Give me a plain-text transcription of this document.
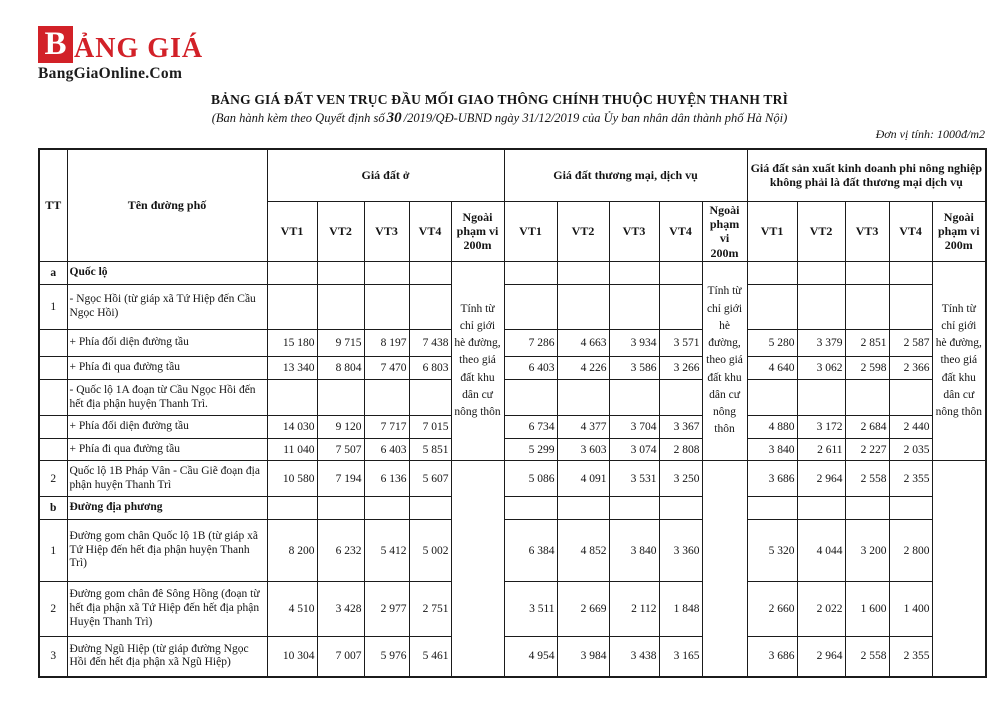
B ẢNG GIÁ
BangGiaOnline.Com
BẢNG GIÁ ĐẤT VEN TRỤC ĐẦU MỐI GIAO THÔNG CHÍNH THUỘC HUYỆN THANH TRÌ
(Ban hành kèm theo Quyết định số 30 /2019/QĐ-UBND ngày 31/12/2019 của Ủy ban nhân dân thành phố Hà Nội)
Đơn vị tính: 1000đ/m2
TT	Tên đường phố	Giá đất ở					Giá đất thương mại, dịch vụ					Giá đất sản xuất kinh doanh phi nông nghiệp không phải là đất thương mại dịch vụ				
		VT1	VT2	VT3	VT4	Ngoài phạm vi 200m	VT1	VT2	VT3	VT4	Ngoài phạm vi 200m	VT1	VT2	VT3	VT4	Ngoài phạm vi 200m
a	Quốc lộ					Tính từ chỉ giới hè đường, theo giá đất khu dân cư nông thôn					Tính từ chỉ giới hè đường, theo giá đất khu dân cư nông thôn					Tính từ chỉ giới hè đường, theo giá đất khu dân cư nông thôn
1	- Ngọc Hồi (từ giáp xã Tứ Hiệp đến Cầu Ngọc Hồi)															
	+ Phía đối diện đường tầu	15 180	9 715	8 197	7 438		7 286	4 663	3 934	3 571		5 280	3 379	2 851	2 587	
	+ Phía đi qua đường tầu	13 340	8 804	7 470	6 803		6 403	4 226	3 586	3 266		4 640	3 062	2 598	2 366	
	- Quốc lộ 1A đoạn từ Cầu Ngọc Hồi đến hết địa phận huyện Thanh Trì.															
	+ Phía đối diện đường tầu	14 030	9 120	7 717	7 015		6 734	4 377	3 704	3 367		4 880	3 172	2 684	2 440	
	+ Phía đi qua đường tầu	11 040	7 507	6 403	5 851		5 299	3 603	3 074	2 808		3 840	2 611	2 227	2 035	
2	Quốc lộ 1B Pháp Vân - Cầu Giẽ đoạn địa phận huyện Thanh Trì	10 580	7 194	6 136	5 607		5 086	4 091	3 531	3 250		3 686	2 964	2 558	2 355	
b	Đường địa phương															
1	Đường gom chân Quốc lộ 1B (từ giáp xã Tứ Hiệp đến hết địa phận huyện Thanh Trì)	8 200	6 232	5 412	5 002		6 384	4 852	3 840	3 360		5 320	4 044	3 200	2 800	
2	Đường gom chân đê Sông Hồng (đoạn từ hết địa phận xã Tứ Hiệp đến hết địa phận Huyện Thanh Trì)	4 510	3 428	2 977	2 751		3 511	2 669	2 112	1 848		2 660	2 022	1 600	1 400	
3	Đường Ngũ Hiệp (từ giáp đường Ngọc Hồi đến hết địa phận xã Ngũ Hiệp)	10 304	7 007	5 976	5 461		4 954	3 984	3 438	3 165		3 686	2 964	2 558	2 355	
